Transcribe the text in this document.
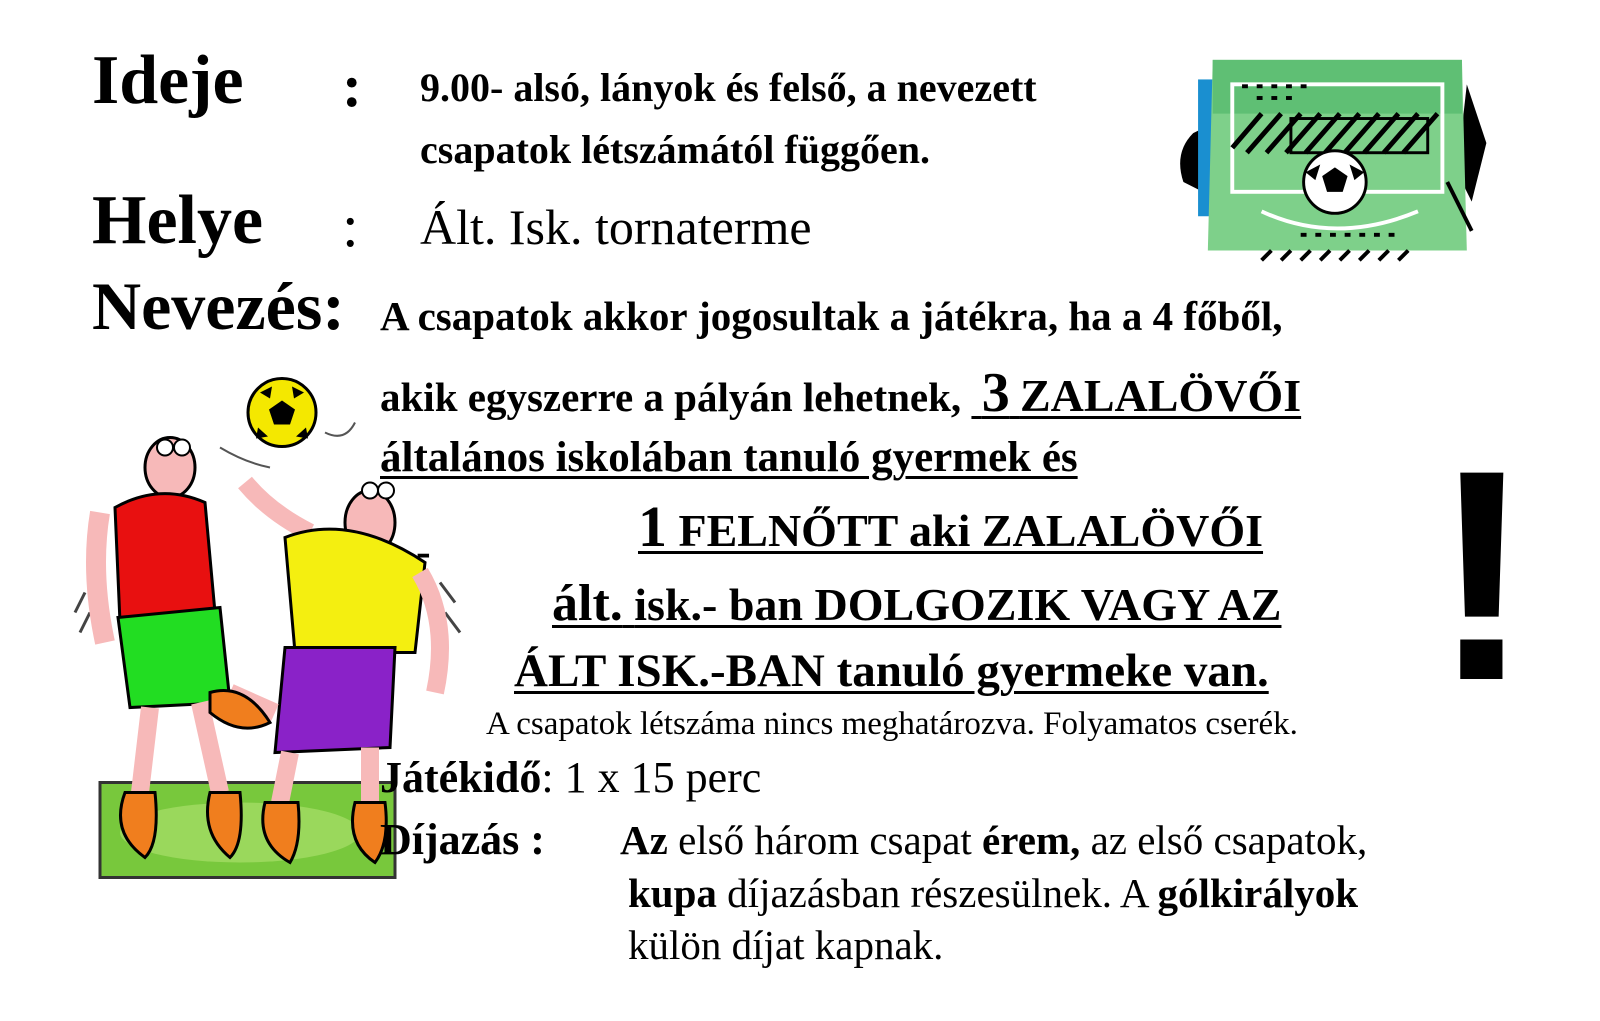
Ideje : 9.00- alsó, lányok és felső, a nevezett
csapatok létszámától függően.
Helye : Ált. Isk. tornaterme
Nevezés: A csapatok akkor jogosultak a játékra, ha a 4 főből,
akik egyszerre a pályán lehetnek, 3 ZALALÖVŐI
általános iskolában tanuló gyermek és
-	1 FELNŐTT aki ZALALÖVŐI
ált. isk.- ban DOLGOZIK VAGY AZ
ÁLT ISK.-BAN tanuló gyermeke van. !
A csapatok létszáma nincs meghatározva. Folyamatos cserék.
Játékidő: 1 x 15 perc
Díjazás : Az első három csapat érem, az első csapatok,
kupa díjazásban részesülnek. A gólkirályok
külön díjat kapnak.
